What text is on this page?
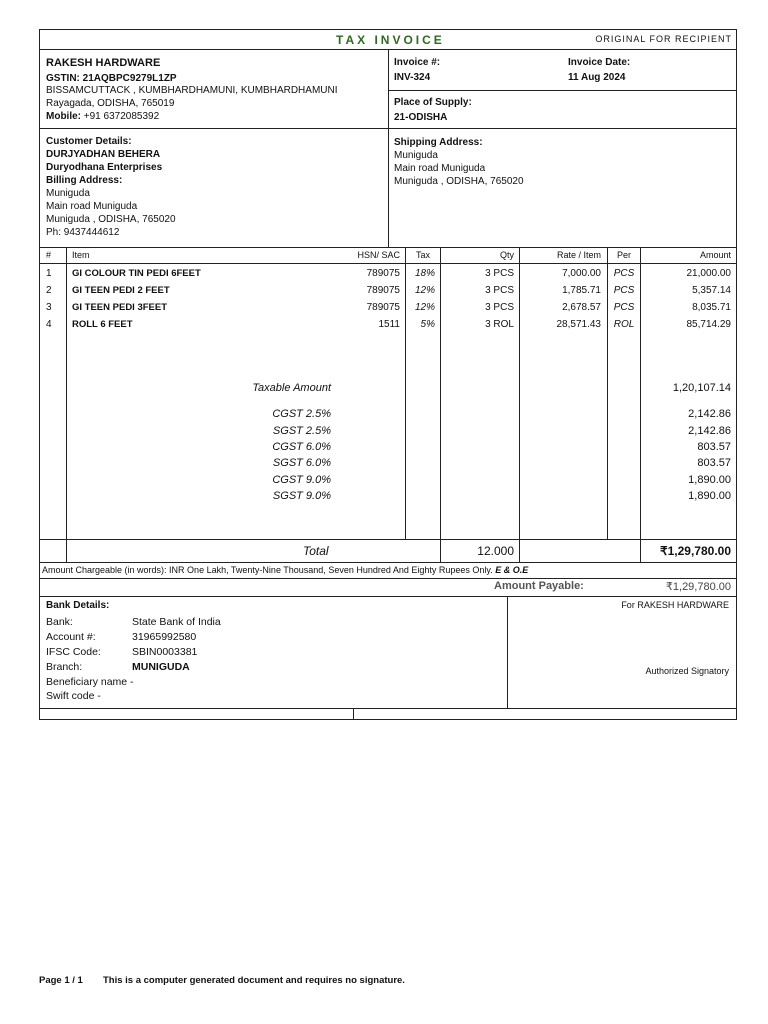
TAX INVOICE	ORIGINAL FOR RECIPIENT
RAKESH HARDWARE
GSTIN: 21AQBPC9279L1ZP
BISSAMCUTTACK , KUMBHARDHAMUNI, KUMBHARDHAMUNI
Rayagada, ODISHA, 765019
Mobile: +91 6372085392
Invoice #:
INV-324
Invoice Date:
11 Aug 2024
Place of Supply:
21-ODISHA
Customer Details:
DURJYADHAN BEHERA
Duryodhana Enterprises
Billing Address:
Muniguda
Main road Muniguda
Muniguda , ODISHA, 765020
Ph: 9437444612
Shipping Address:
Muniguda
Main road Muniguda
Muniguda , ODISHA, 765020
# Item	HSN/ SAC	Tax	Qty	Rate / Item	Per	Amount
1 GI COLOUR TIN PEDI 6FEET	789075 18%	3 PCS	7,000.00	PCS	21,000.00
2 GI TEEN PEDI 2 FEET	789075 12%	3 PCS	1,785.71	PCS	5,357.14
3 GI TEEN PEDI 3FEET	789075 12%	3 PCS	2,678.57	PCS	8,035.71
4 ROLL 6 FEET	1511 5%	3 ROL	28,571.43	ROL	85,714.29
Taxable Amount	1,20,107.14
CGST 2.5%	2,142.86
SGST 2.5%	2,142.86
CGST 6.0%	803.57
SGST 6.0%	803.57
CGST 9.0%	1,890.00
SGST 9.0%	1,890.00
Total	12.000	₹1,29,780.00
Amount Chargeable (in words): INR One Lakh, Twenty-Nine Thousand, Seven Hundred And Eighty Rupees Only. E & O.E
Amount Payable:	₹1,29,780.00
Bank Details:
Bank:	State Bank of India
Account #:	31965992580
IFSC Code:	SBIN0003381
Branch:	MUNIGUDA
Beneficiary name -
Swift code -
For RAKESH HARDWARE
Authorized Signatory
Page 1 / 1 This is a computer generated document and requires no signature.
